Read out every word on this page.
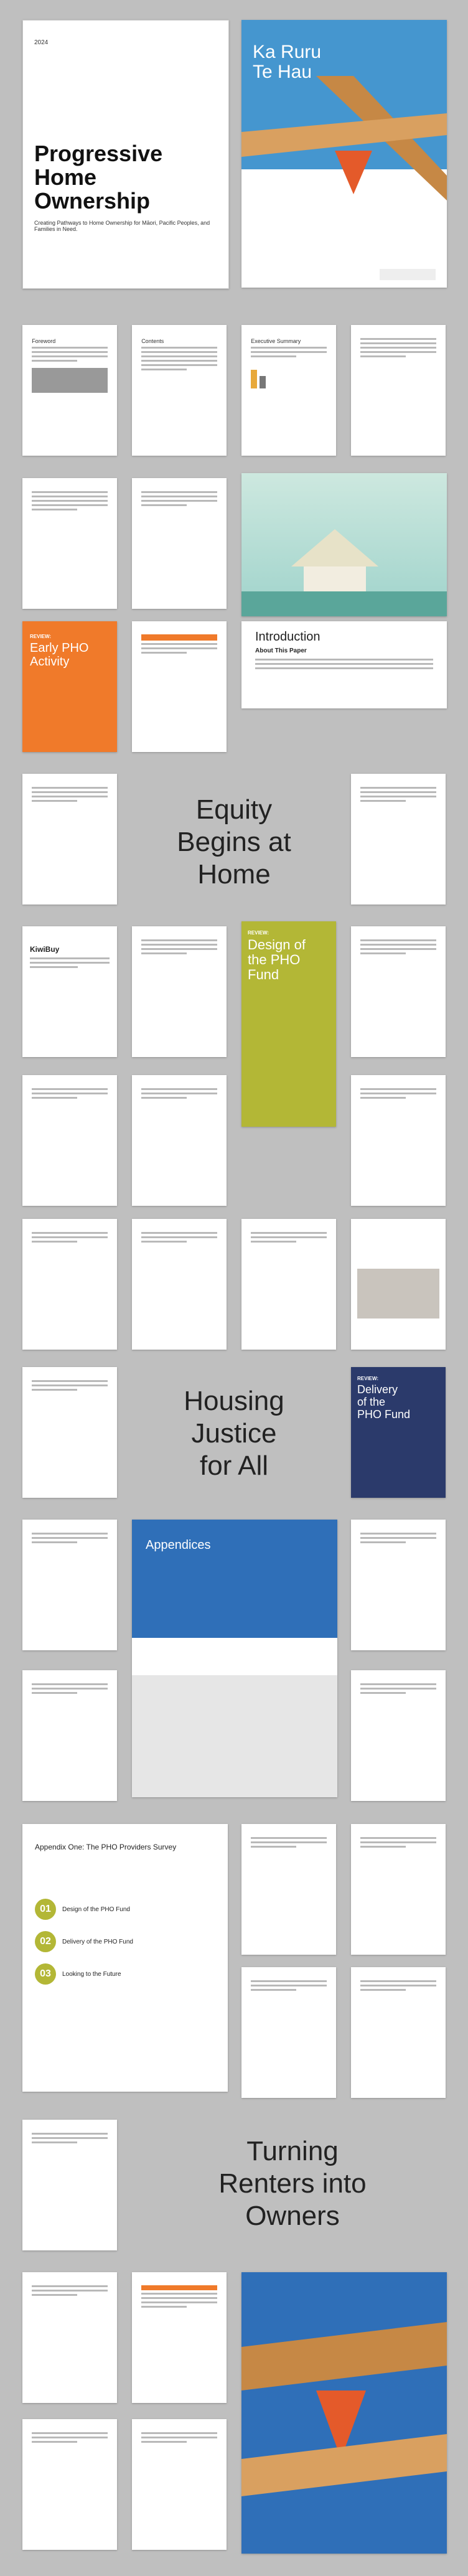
2024
Progressive
Home
Ownership
Creating Pathways to Home Ownership for Māori, Pacific Peoples, and Families in Need.
Ka Ruru
Te Hau
Foreword	Contents	Executive Summary
REVIEW:
Early PHO
Activity
Introduction
About This Paper
Equity
Begins at
Home
KiwiBuy
REVIEW:
Design of
the PHO
Fund
Housing
Justice
for All
REVIEW:
Delivery
of the
PHO Fund
Appendices
Appendix One: The PHO Providers Survey
01	Design of the PHO Fund
02	Delivery of the PHO Fund
03	Looking to the Future
Turning
Renters into
Owners
